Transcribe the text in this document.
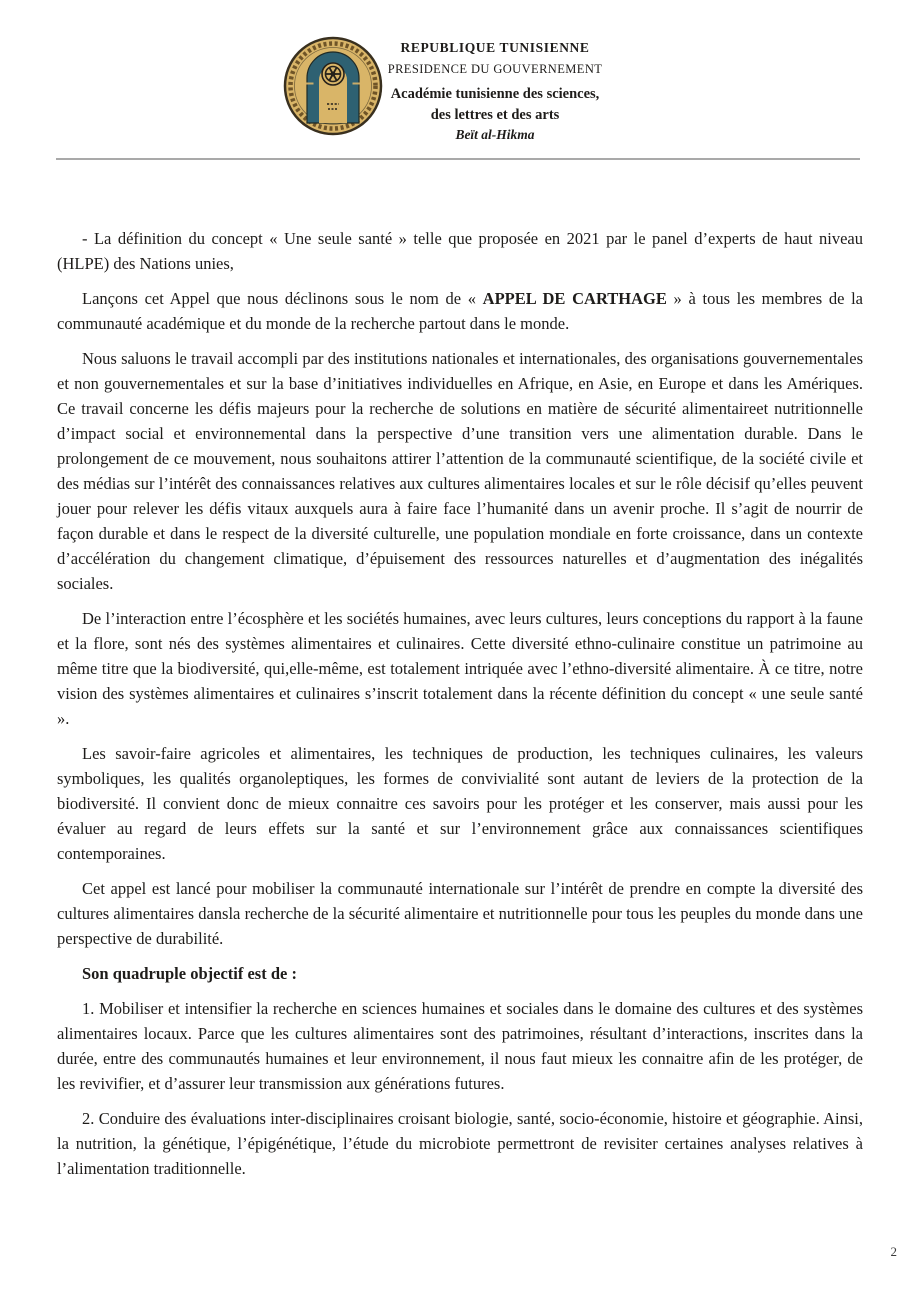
REPUBLIQUE TUNISIENNE
PRESIDENCE DU GOUVERNEMENT
Académie tunisienne des sciences,
des lettres et des arts
Beït al-Hikma

- La définition du concept « Une seule santé » telle que proposée en 2021 par le panel d’experts de haut niveau (HLPE) des Nations unies,

Lançons cet Appel que nous déclinons sous le nom de « APPEL DE CARTHAGE » à tous les membres de la communauté académique et du monde de la recherche partout dans le monde.

Nous saluons le travail accompli par des institutions nationales et internationales, des organisations gouvernementales et non gouvernementales et sur la base d’initiatives individuelles en Afrique, en Asie, en Europe et dans les Amériques. Ce travail concerne les défis majeurs pour la recherche de solutions en matière de sécurité alimentaireet nutritionnelle d’impact social et environnemental dans la perspective d’une transition vers une alimentation durable. Dans le prolongement de ce mouvement, nous souhaitons attirer l’attention de la communauté scientifique, de la société civile et des médias sur l’intérêt des connaissances relatives aux cultures alimentaires locales et sur le rôle décisif qu’elles peuvent jouer pour relever les défis vitaux auxquels aura à faire face l’humanité dans un avenir proche. Il s’agit de nourrir de façon durable et dans le respect de la diversité culturelle, une population mondiale en forte croissance, dans un contexte d’accélération du changement climatique, d’épuisement des ressources naturelles et d’augmentation des inégalités sociales.

De l’interaction entre l’écosphère et les sociétés humaines, avec leurs cultures, leurs conceptions du rapport à la faune et la flore, sont nés des systèmes alimentaires et culinaires. Cette diversité ethno-culinaire constitue un patrimoine au même titre que la biodiversité, qui,elle-même, est totalement intriquée avec l’ethno-diversité alimentaire. À ce titre, notre vision des systèmes alimentaires et culinaires s’inscrit totalement dans la récente définition du concept « une seule santé ».

Les savoir-faire agricoles et alimentaires, les techniques de production, les techniques culinaires, les valeurs symboliques, les qualités organoleptiques, les formes de convivialité sont autant de leviers de la protection de la biodiversité. Il convient donc de mieux connaitre ces savoirs pour les protéger et les conserver, mais aussi pour les évaluer au regard de leurs effets sur la santé et sur l’environnement grâce aux connaissances scientifiques contemporaines.

Cet appel est lancé pour mobiliser la communauté internationale sur l’intérêt de prendre en compte la diversité des cultures alimentaires dansla recherche de la sécurité alimentaire et nutritionnelle pour tous les peuples du monde dans une perspective de durabilité.

Son quadruple objectif est de :

1. Mobiliser et intensifier la recherche en sciences humaines et sociales dans le domaine des cultures et des systèmes alimentaires locaux. Parce que les cultures alimentaires sont des patrimoines, résultant d’interactions, inscrites dans la durée, entre des communautés humaines et leur environnement, il nous faut mieux les connaitre afin de les protéger, de les revivifier, et d’assurer leur transmission aux générations futures.

2. Conduire des évaluations inter-disciplinaires croisant biologie, santé, socio-économie, histoire et géographie. Ainsi, la nutrition, la génétique, l’épigénétique, l’étude du microbiote permettront de revisiter certaines analyses relatives à l’alimentation traditionnelle.

2
